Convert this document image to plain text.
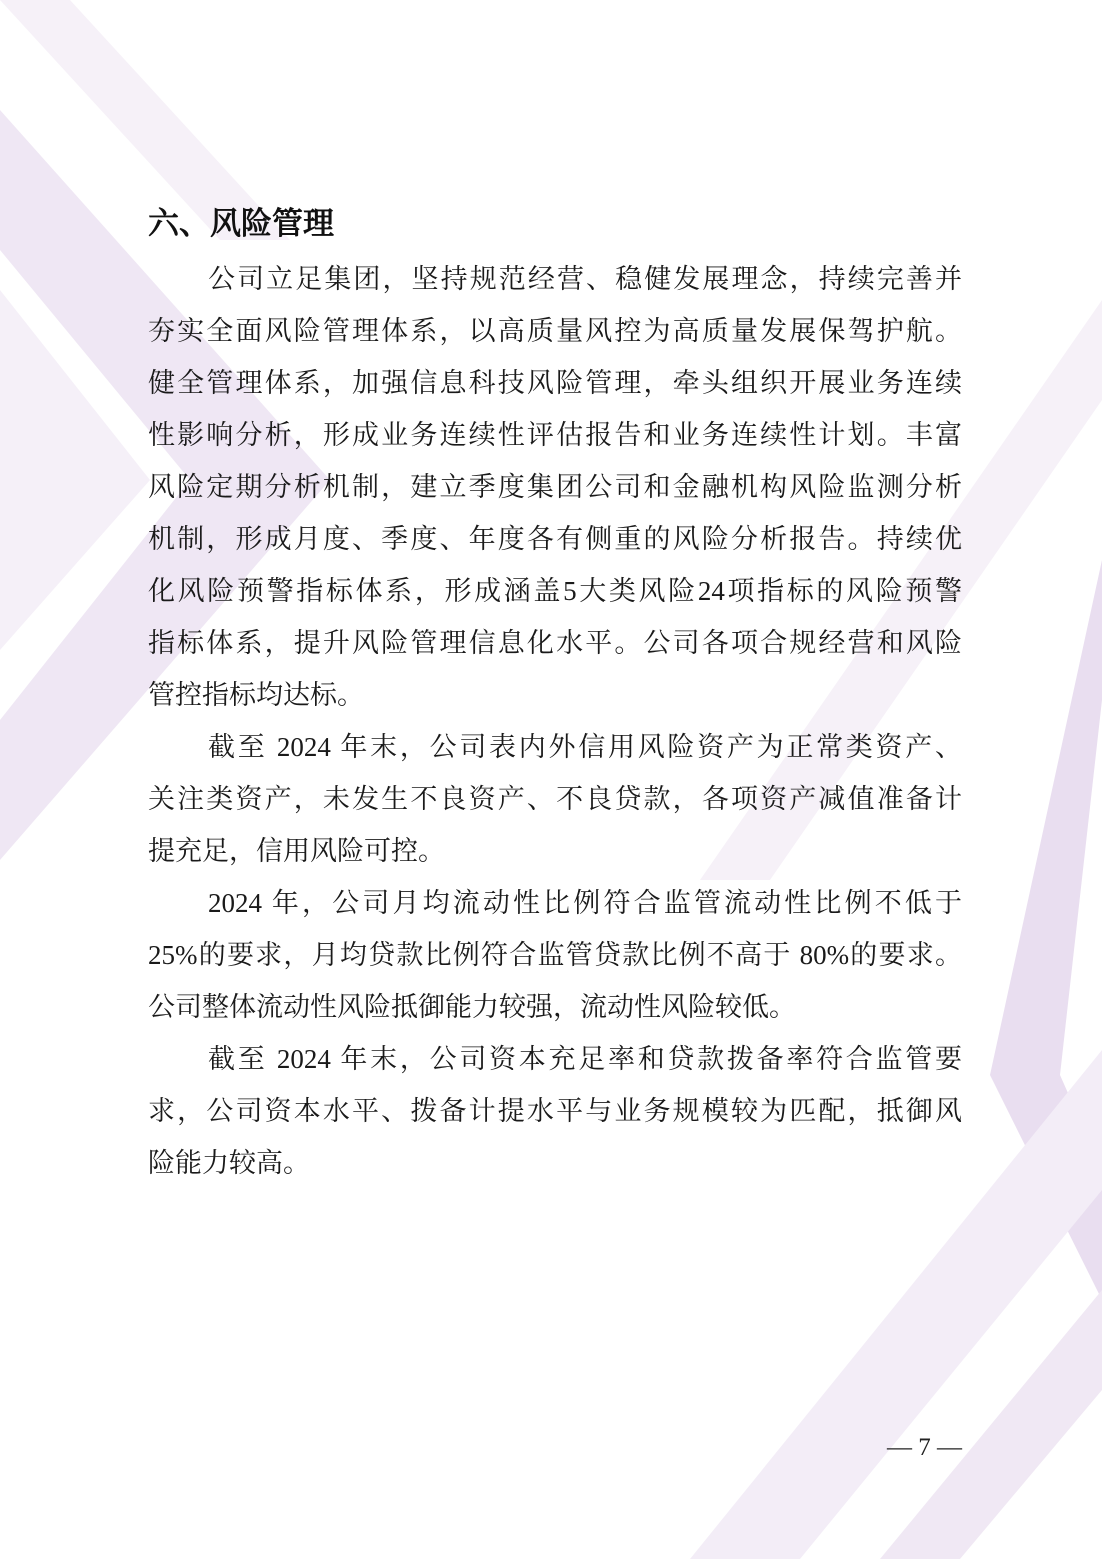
六、风险管理
公司立足集团，坚持规范经营、稳健发展理念，持续完善并
夯实全面风险管理体系，以高质量风控为高质量发展保驾护航。
健全管理体系，加强信息科技风险管理，牵头组织开展业务连续
性影响分析，形成业务连续性评估报告和业务连续性计划。丰富
风险定期分析机制，建立季度集团公司和金融机构风险监测分析
机制，形成月度、季度、年度各有侧重的风险分析报告。持续优
化风险预警指标体系，形成涵盖5大类风险24项指标的风险预警
指标体系，提升风险管理信息化水平。公司各项合规经营和风险
管控指标均达标。
截至 2024 年末，公司表内外信用风险资产为正常类资产、
关注类资产，未发生不良资产、不良贷款，各项资产减值准备计
提充足，信用风险可控。
2024 年，公司月均流动性比例符合监管流动性比例不低于
25%的要求，月均贷款比例符合监管贷款比例不高于 80%的要求。
公司整体流动性风险抵御能力较强，流动性风险较低。
截至 2024 年末，公司资本充足率和贷款拨备率符合监管要
求，公司资本水平、拨备计提水平与业务规模较为匹配，抵御风
险能力较高。
— 7 —
